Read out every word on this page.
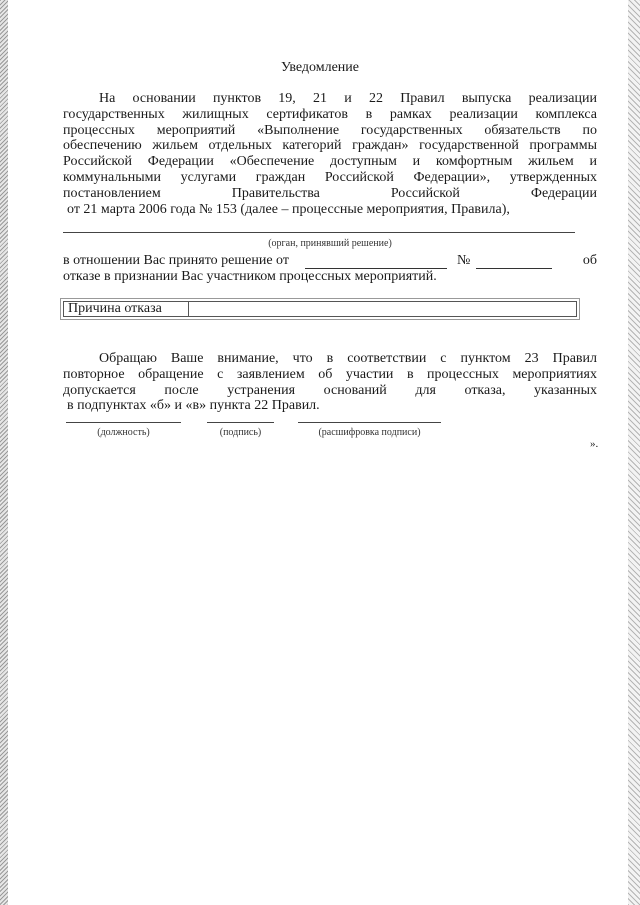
Уведомление
На основании пунктов 19, 21 и 22 Правил выпуска реализации
государственных жилищных сертификатов в рамках реализации комплекса
процессных мероприятий «Выполнение государственных обязательств по
обеспечению жильем отдельных категорий граждан» государственной программы
Российской Федерации «Обеспечение доступным и комфортным жильем и
коммунальными услугами граждан Российской Федерации», утвержденных
постановлением Правительства Российской Федерации
от 21 марта 2006 года № 153 (далее – процессные мероприятия, Правила),
(орган, принявший решение)
в отношении Вас принято решение от	№	об
отказе в признании Вас участником процессных мероприятий.
Причина отказа
Обращаю Ваше внимание, что в соответствии с пунктом 23 Правил
повторное обращение с заявлением об участии в процессных мероприятиях
допускается после устранения оснований для отказа, указанных
в подпунктах «б» и «в» пункта 22 Правил.
(должность)	(подпись)	(расшифровка подписи)
».
